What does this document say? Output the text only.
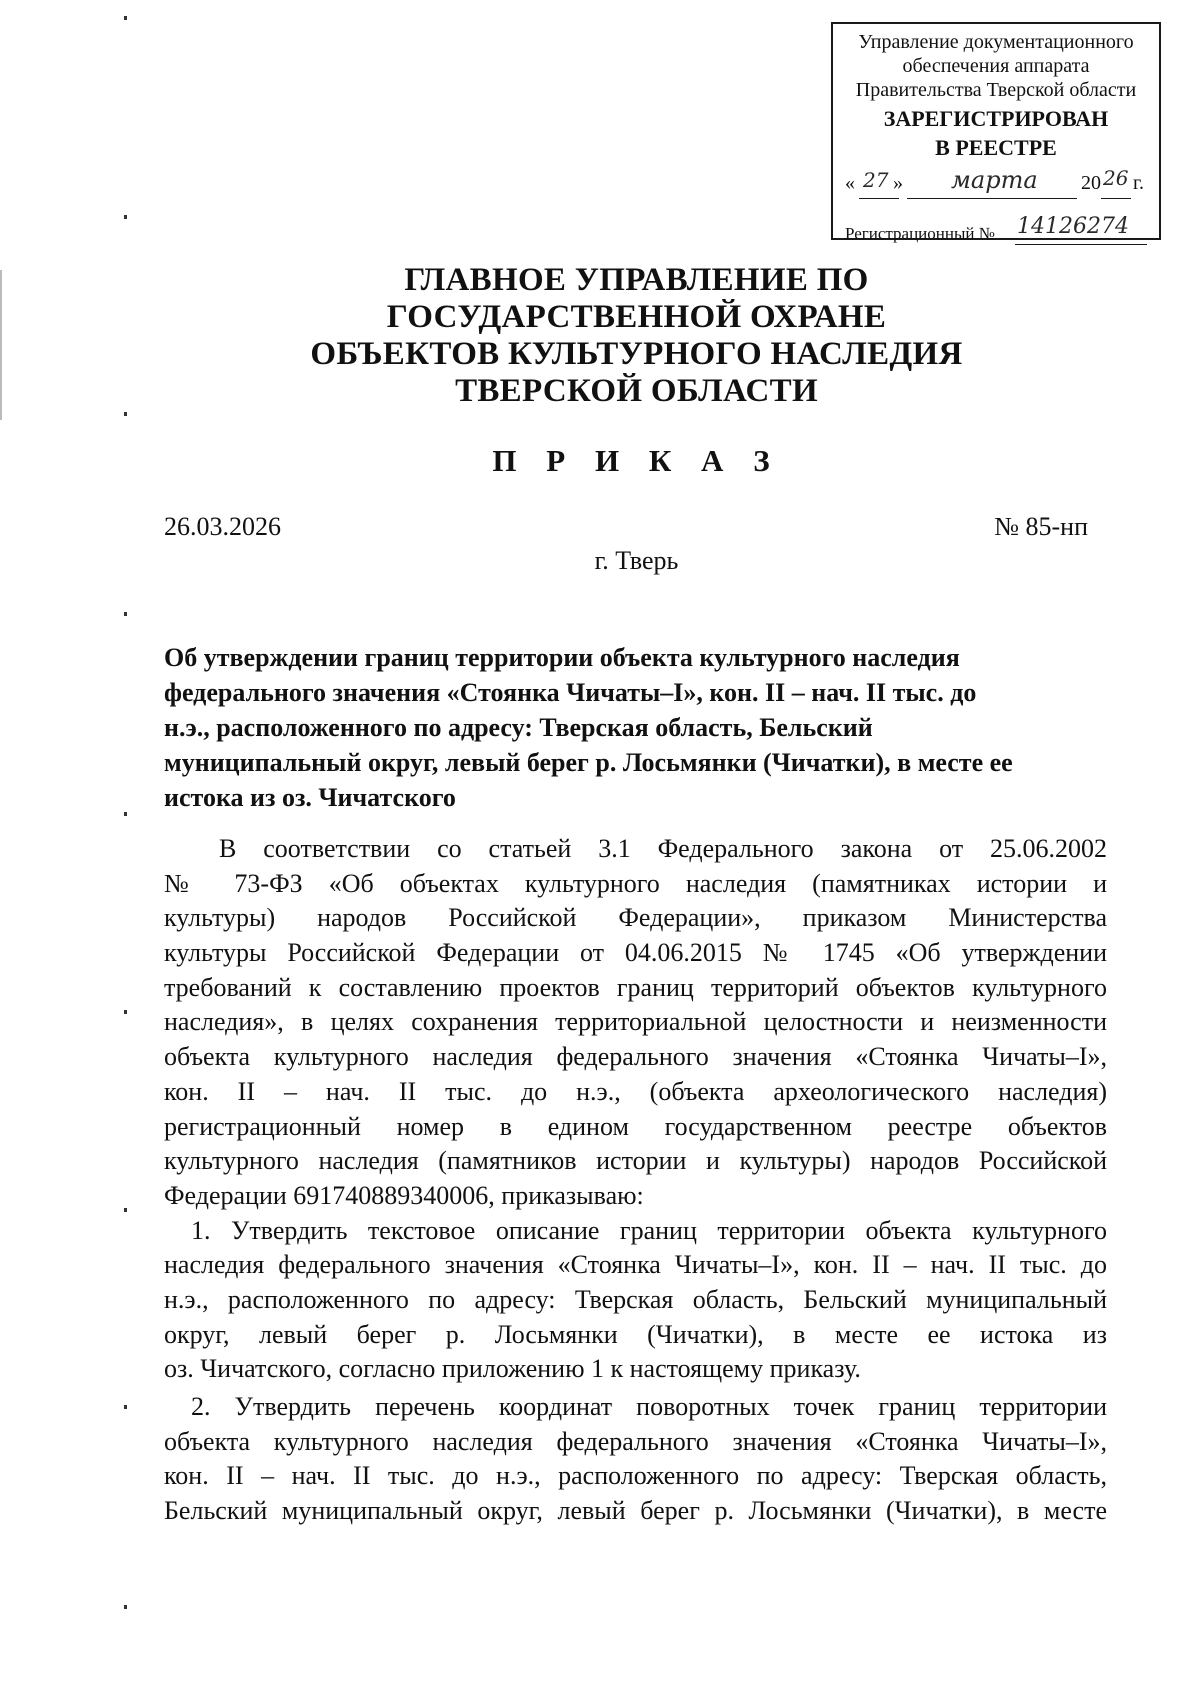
Управление документационного
обеспечения аппарата
Правительства Тверской области
ЗАРЕГИСТРИРОВАН
В РЕЕСТРЕ
« 27 » марта 20 26 г.
Регистрационный № 14126274
ГЛАВНОЕ УПРАВЛЕНИЕ ПО
ГОСУДАРСТВЕННОЙ ОХРАНЕ
ОБЪЕКТОВ КУЛЬТУРНОГО НАСЛЕДИЯ
ТВЕРСКОЙ ОБЛАСТИ
П Р И К А З
26.03.2026	№ 85-нп
г. Тверь
Об утверждении границ территории объекта культурного наследия
федерального значения «Стоянка Чичаты–I», кон. II – нач. II тыс. до
н.э., расположенного по адресу: Тверская область, Бельский
муниципальный округ, левый берег р. Лосьмянки (Чичатки), в месте ее
истока из оз. Чичатского
В соответствии со статьей 3.1 Федерального закона от 25.06.2002
№ 73-ФЗ «Об объектах культурного наследия (памятниках истории и
культуры) народов Российской Федерации», приказом Министерства
культуры Российской Федерации от 04.06.2015 № 1745 «Об утверждении
требований к составлению проектов границ территорий объектов культурного
наследия», в целях сохранения территориальной целостности и неизменности
объекта культурного наследия федерального значения «Стоянка Чичаты–I»,
кон. II – нач. II тыс. до н.э., (объекта археологического наследия)
регистрационный номер в едином государственном реестре объектов
культурного наследия (памятников истории и культуры) народов Российской
Федерации 691740889340006, приказываю:
1. Утвердить текстовое описание границ территории объекта культурного
наследия федерального значения «Стоянка Чичаты–I», кон. II – нач. II тыс. до
н.э., расположенного по адресу: Тверская область, Бельский муниципальный
округ, левый берег р. Лосьмянки (Чичатки), в месте ее истока из
оз. Чичатского, согласно приложению 1 к настоящему приказу.
2. Утвердить перечень координат поворотных точек границ территории
объекта культурного наследия федерального значения «Стоянка Чичаты–I»,
кон. II – нач. II тыс. до н.э., расположенного по адресу: Тверская область,
Бельский муниципальный округ, левый берег р. Лосьмянки (Чичатки), в месте
